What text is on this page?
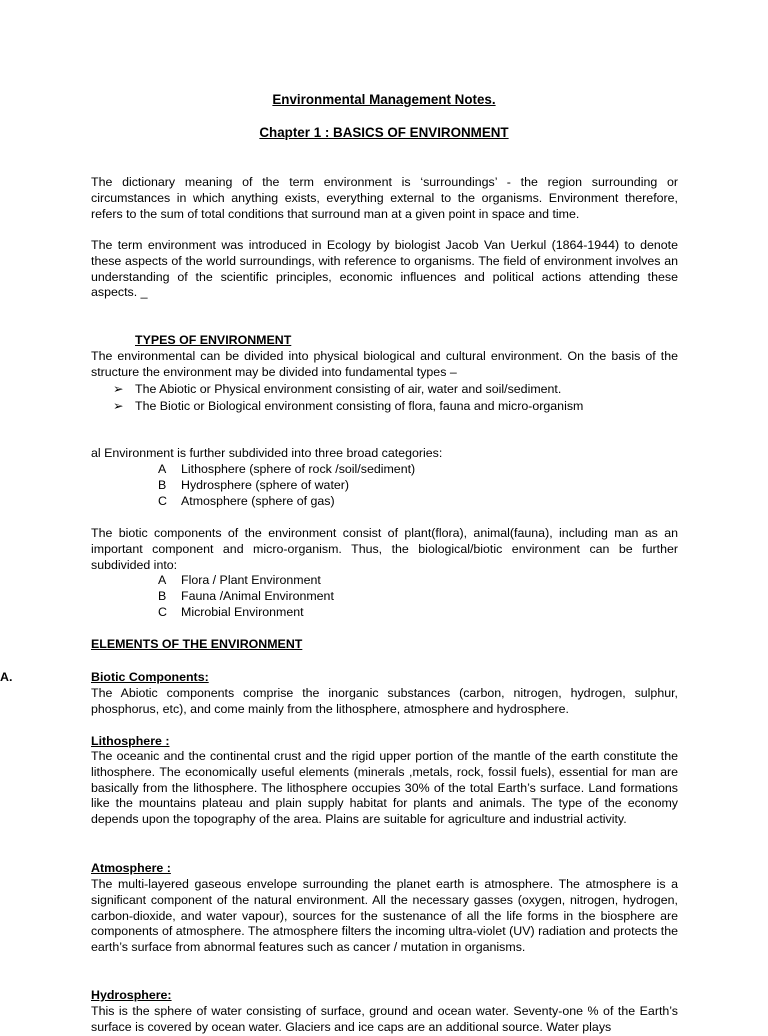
Environmental Management Notes.
Chapter 1 : BASICS OF ENVIRONMENT
The dictionary meaning of the term environment is ‘surroundings’ - the region surrounding or circumstances in which anything exists, everything external to the organisms. Environment therefore, refers to the sum of total conditions that surround man at a given point in space and time.
The term environment was introduced in Ecology by biologist Jacob Van Uerkul (1864-1944) to denote these aspects of the world surroundings, with reference to organisms. The field of environment involves an understanding of the scientific principles, economic influences and political actions attending these aspects. _
TYPES OF ENVIRONMENT
The environmental can be divided into physical biological and cultural environment. On the basis of the structure the environment may be divided into fundamental types –
➢ The Abiotic or Physical environment consisting of air, water and soil/sediment.
➢ The Biotic or Biological environment consisting of flora, fauna and micro-organism
al Environment is further subdivided into three broad categories:
A Lithosphere (sphere of rock /soil/sediment)
B Hydrosphere (sphere of water)
C Atmosphere (sphere of gas)
The biotic components of the environment consist of plant(flora), animal(fauna), including man as an important component and micro-organism. Thus, the biological/biotic environment can be further subdivided into:
A Flora / Plant Environment
B Fauna /Animal Environment
C Microbial Environment
ELEMENTS OF THE ENVIRONMENT
A.	Biotic Components:
The Abiotic components comprise the inorganic substances (carbon, nitrogen, hydrogen, sulphur, phosphorus, etc), and come mainly from the lithosphere, atmosphere and hydrosphere.
Lithosphere :
The oceanic and the continental crust and the rigid upper portion of the mantle of the earth constitute the lithosphere. The economically useful elements (minerals ,metals, rock, fossil fuels), essential for man are basically from the lithosphere. The lithosphere occupies 30% of the total Earth’s surface. Land formations like the mountains plateau and plain supply habitat for plants and animals. The type of the economy depends upon the topography of the area. Plains are suitable for agriculture and industrial activity.
Atmosphere :
The multi-layered gaseous envelope surrounding the planet earth is atmosphere. The atmosphere is a significant component of the natural environment. All the necessary gasses (oxygen, nitrogen, hydrogen, carbon-dioxide, and water vapour), sources for the sustenance of all the life forms in the biosphere are components of atmosphere. The atmosphere filters the incoming ultra-violet (UV) radiation and protects the earth’s surface from abnormal features such as cancer / mutation in organisms.
Hydrosphere:
This is the sphere of water consisting of surface, ground and ocean water. Seventy-one % of the Earth’s surface is covered by ocean water. Glaciers and ice caps are an additional source. Water plays
